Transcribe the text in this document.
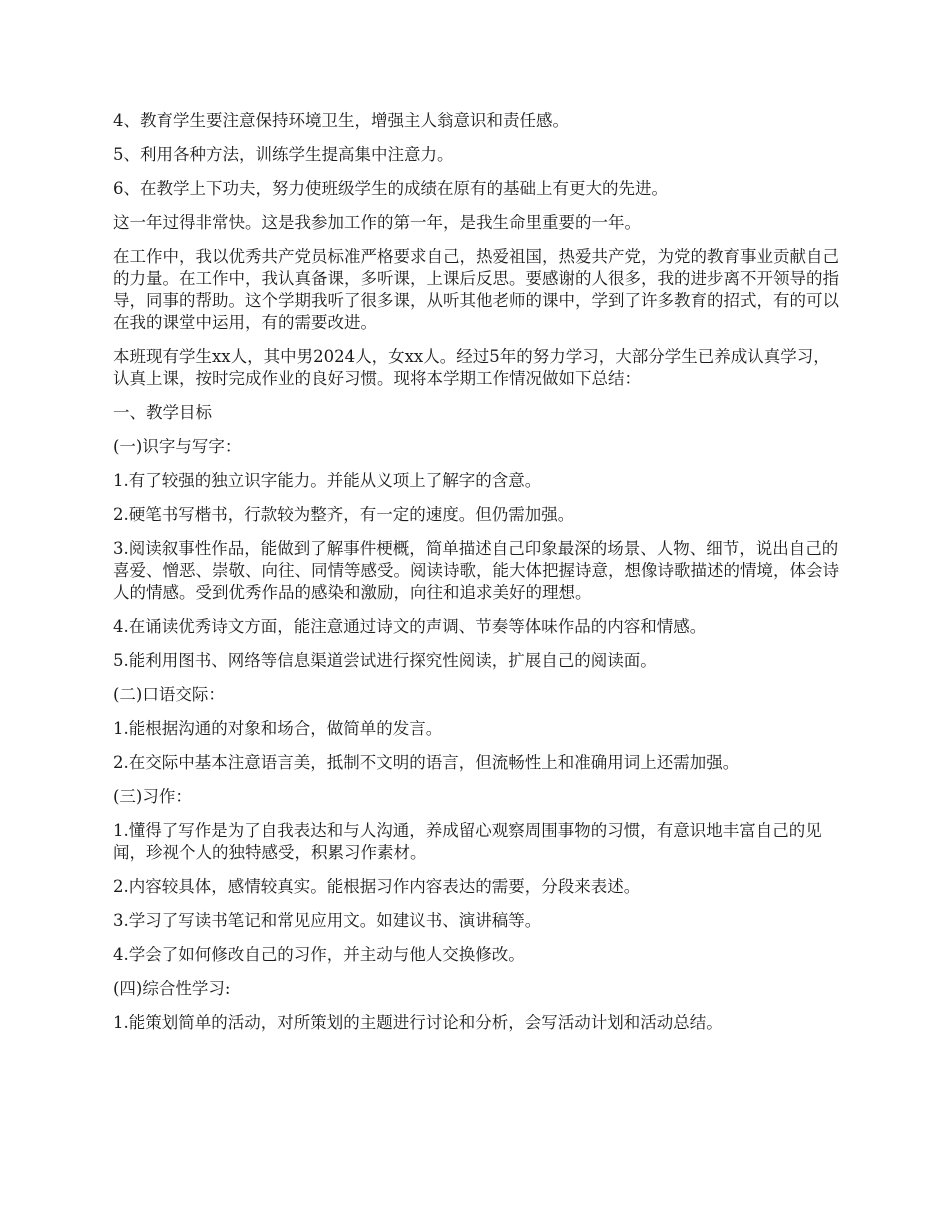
4、教育学生要注意保持环境卫生，增强主人翁意识和责任感。

5、利用各种方法，训练学生提高集中注意力。

6、在教学上下功夫，努力使班级学生的成绩在原有的基础上有更大的先进。

这一年过得非常快。这是我参加工作的第一年，是我生命里重要的一年。

在工作中，我以优秀共产党员标准严格要求自己，热爱祖国，热爱共产党，为党的教育事业贡献自己的力量。在工作中，我认真备课，多听课，上课后反思。要感谢的人很多，我的进步离不开领导的指导，同事的帮助。这个学期我听了很多课，从听其他老师的课中，学到了许多教育的招式，有的可以在我的课堂中运用，有的需要改进。

本班现有学生xx人，其中男2024人，女xx人。经过5年的努力学习，大部分学生已养成认真学习，认真上课，按时完成作业的良好习惯。现将本学期工作情况做如下总结：

一、教学目标

(一)识字与写字：

1.有了较强的独立识字能力。并能从义项上了解字的含意。

2.硬笔书写楷书，行款较为整齐，有一定的速度。但仍需加强。

3.阅读叙事性作品，能做到了解事件梗概，简单描述自己印象最深的场景、人物、细节，说出自己的喜爱、憎恶、崇敬、向往、同情等感受。阅读诗歌，能大体把握诗意，想像诗歌描述的情境，体会诗人的情感。受到优秀作品的感染和激励，向往和追求美好的理想。

4.在诵读优秀诗文方面，能注意通过诗文的声调、节奏等体味作品的内容和情感。

5.能利用图书、网络等信息渠道尝试进行探究性阅读，扩展自己的阅读面。

(二)口语交际：

1.能根据沟通的对象和场合，做简单的发言。

2.在交际中基本注意语言美，抵制不文明的语言，但流畅性上和准确用词上还需加强。

(三)习作：

1.懂得了写作是为了自我表达和与人沟通，养成留心观察周围事物的习惯，有意识地丰富自己的见闻，珍视个人的独特感受，积累习作素材。

2.内容较具体，感情较真实。能根据习作内容表达的需要，分段来表述。

3.学习了写读书笔记和常见应用文。如建议书、演讲稿等。

4.学会了如何修改自己的习作，并主动与他人交换修改。

(四)综合性学习:

1.能策划简单的活动，对所策划的主题进行讨论和分析，会写活动计划和活动总结。
